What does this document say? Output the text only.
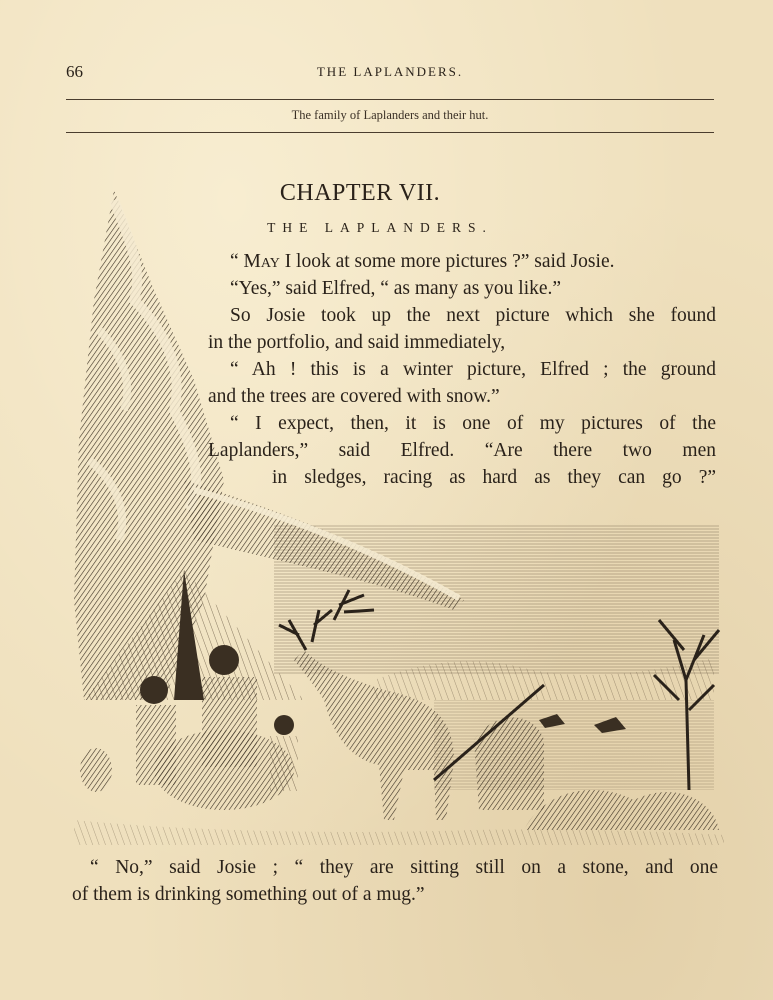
66	THE LAPLANDERS.
The family of Laplanders and their hut.
CHAPTER VII.
THE LAPLANDERS.
“ May I look at some more pictures ?” said Josie.
“Yes,” said Elfred, “ as many as you like.”
So Josie took up the next picture which she found
in the portfolio, and said immediately,
“ Ah ! this is a winter picture, Elfred ; the ground
and the trees are covered with snow.”
“ I expect, then, it is one of my pictures of the
Laplanders,” said Elfred. “Are there two men
in sledges, racing as hard as they can go ?”
“ No,” said Josie ; “ they are sitting still on a stone, and one
of them is drinking something out of a mug.”
